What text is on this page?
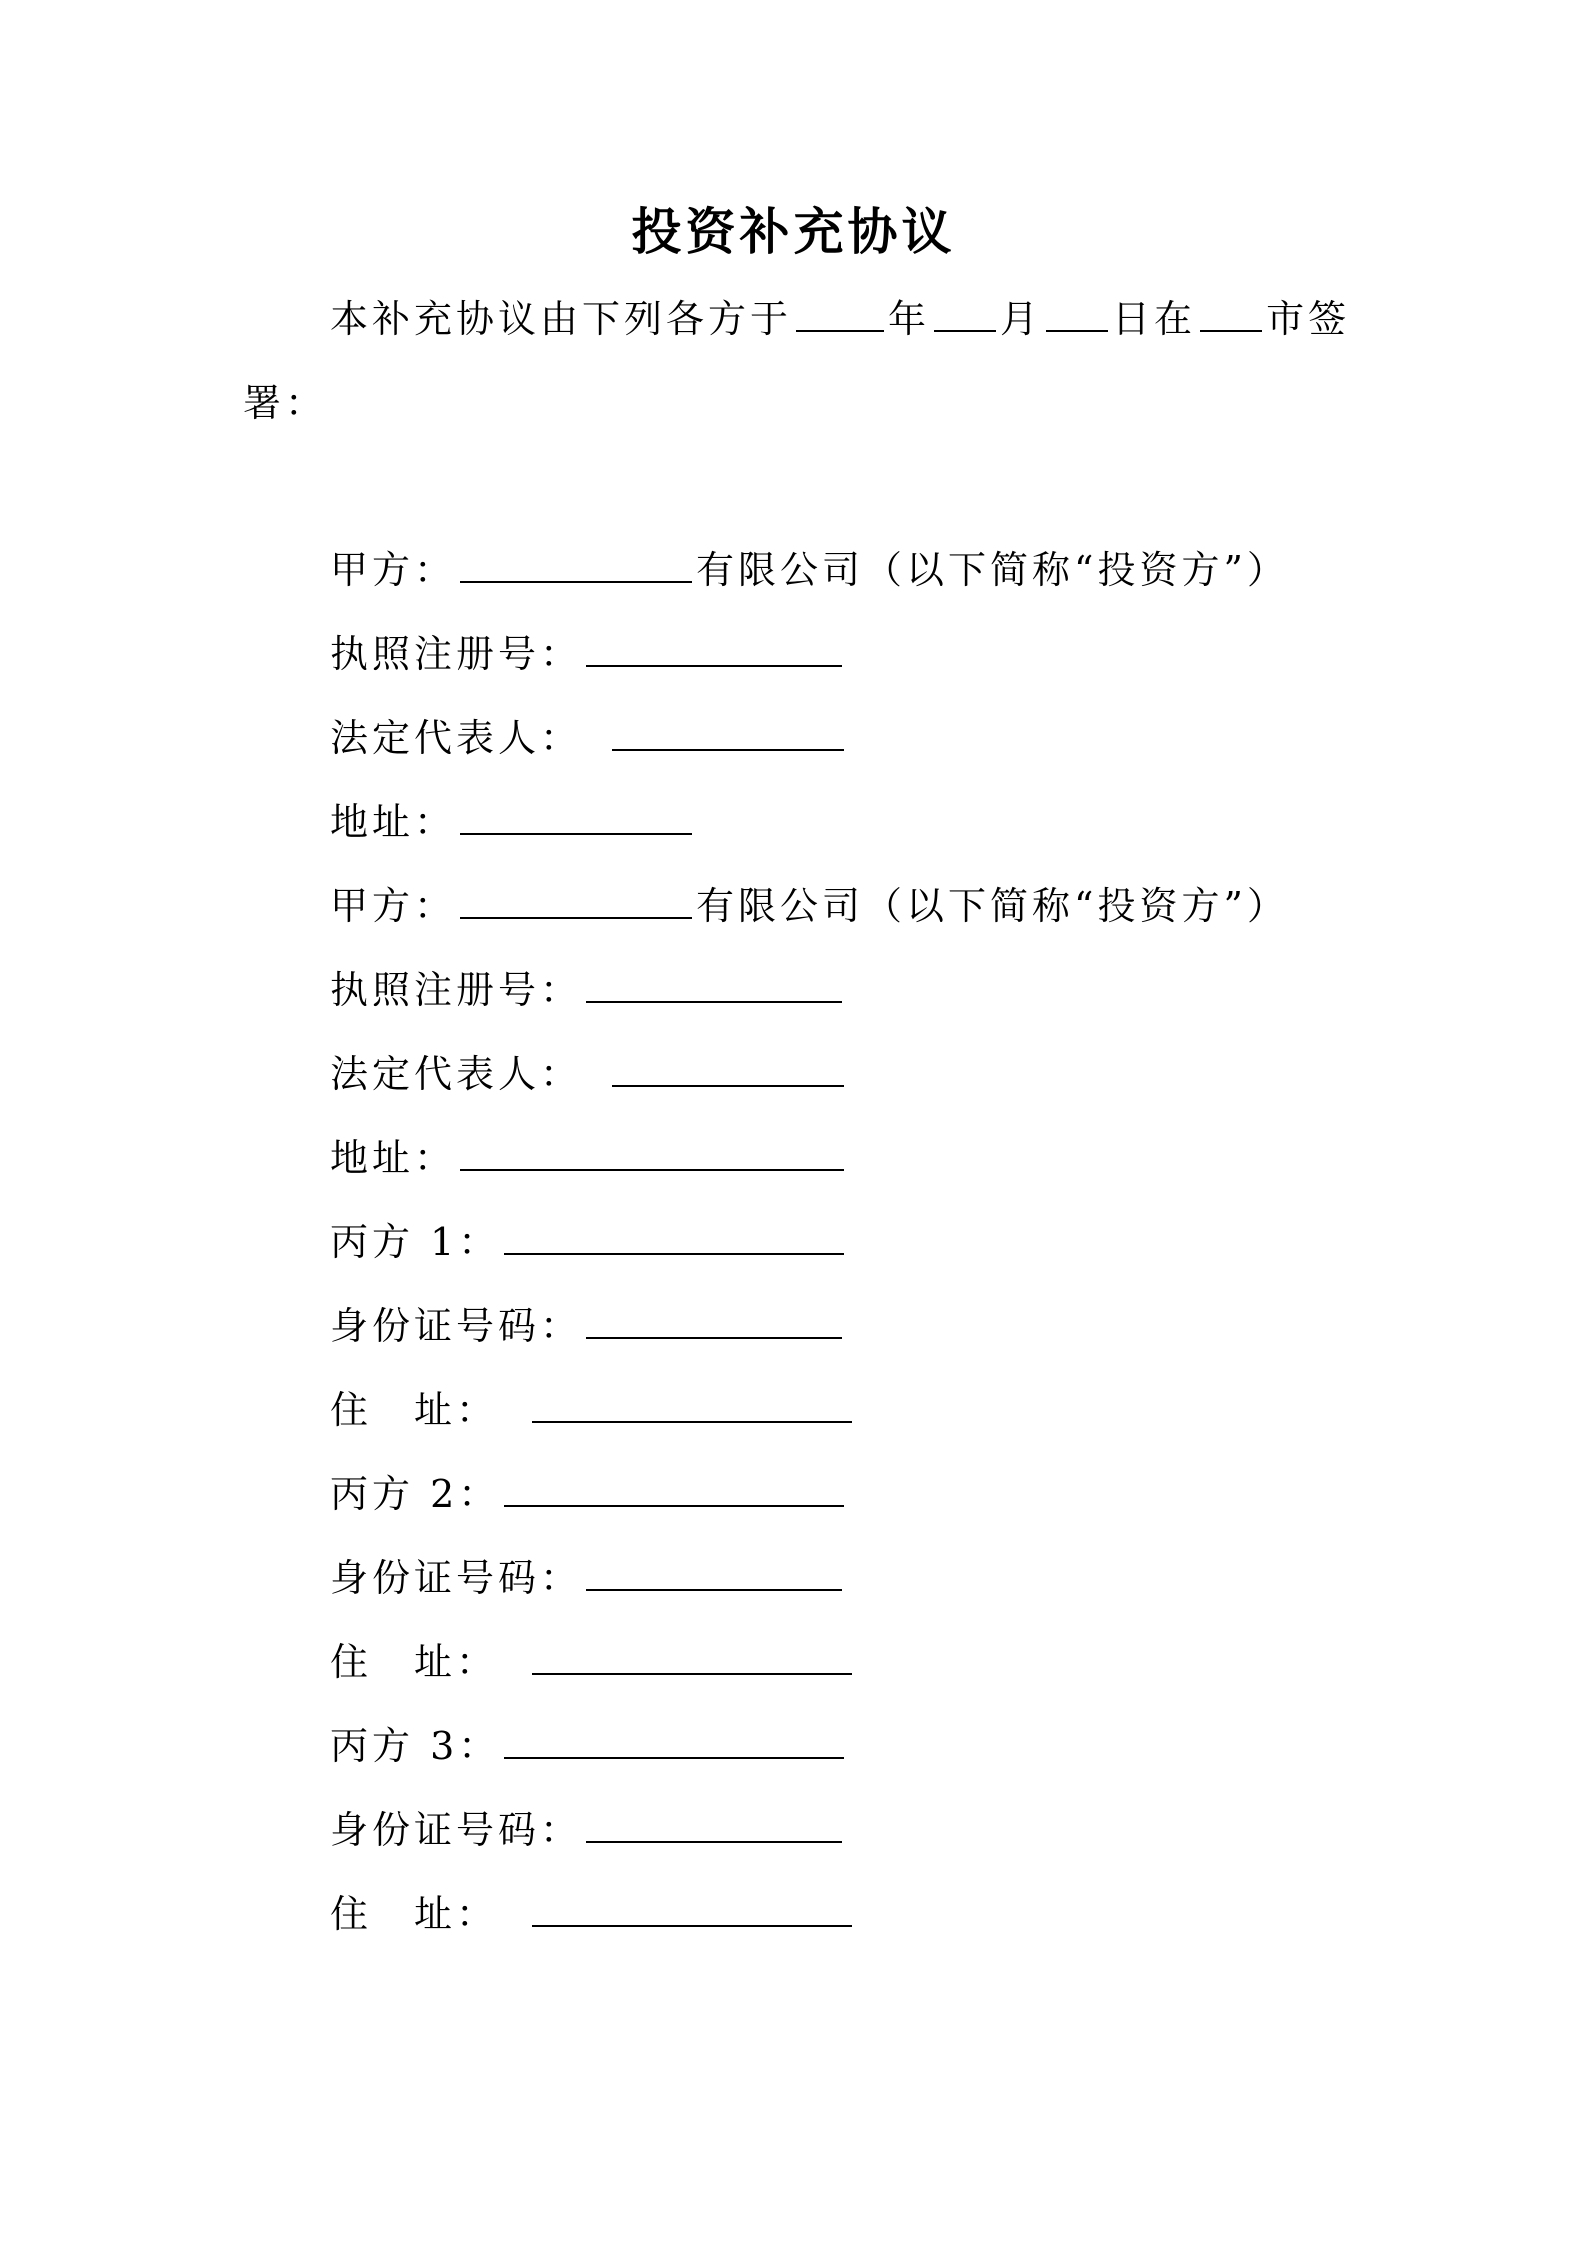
投资补充协议
本补充协议由下列各方于	年 月 日在 市签
署：
甲方：	有限公司（以下简称“投资方”）
执照注册号：
法定代表人：
地址：
甲方：	有限公司（以下简称“投资方”）
执照注册号：
法定代表人：
地址：
丙方 1：
身份证号码：
住　址：
丙方 2：
身份证号码：
住　址：
丙方 3：
身份证号码：
住　址：
